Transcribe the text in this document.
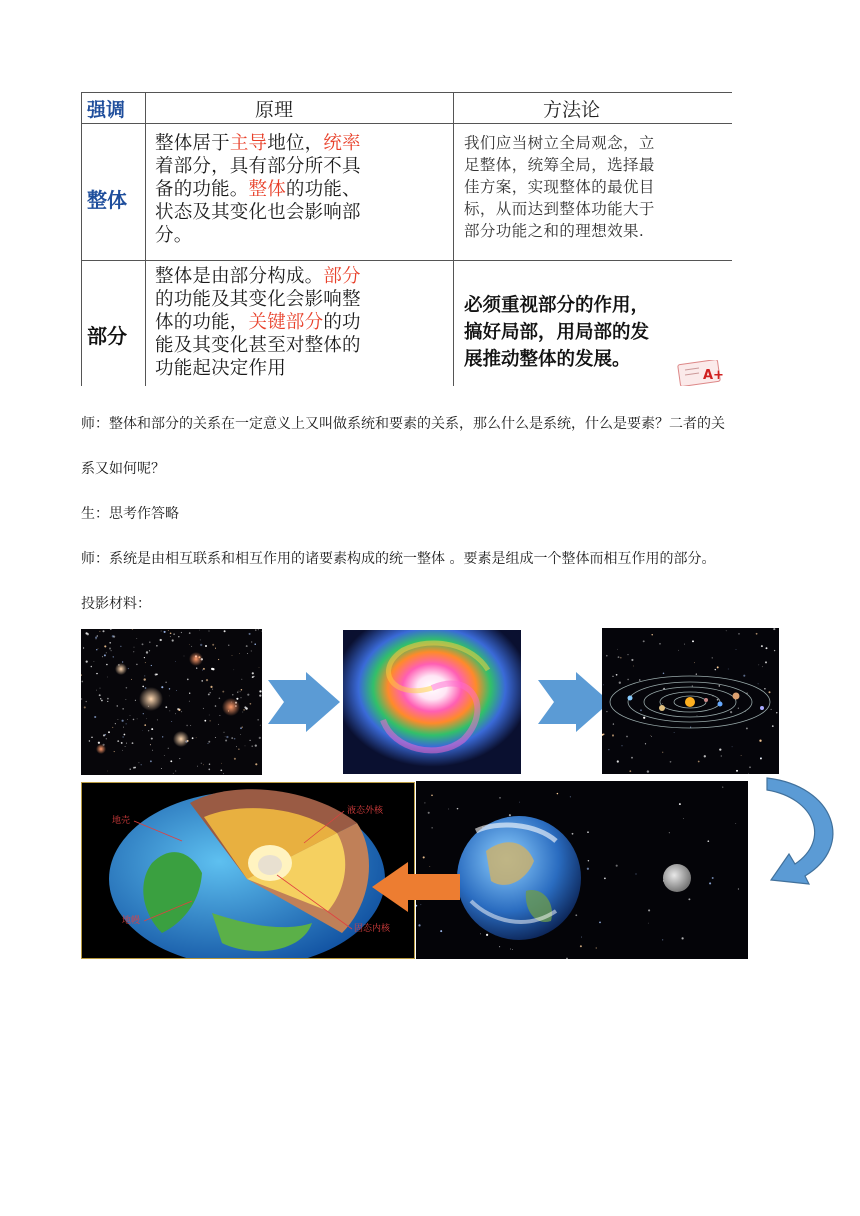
强调	原理	方法论
整体
整体居于主导地位，统率
着部分，具有部分所不具
备的功能。整体的功能、
状态及其变化也会影响部
分。
我们应当树立全局观念，立
足整体，统筹全局，选择最
佳方案，实现整体的最优目
标，从而达到整体功能大于
部分功能之和的理想效果.
部分
整体是由部分构成。部分
的功能及其变化会影响整
体的功能，关键部分的功
能及其变化甚至对整体的
功能起决定作用
必须重视部分的作用，
搞好局部，用局部的发
展推动整体的发展。
A+
师：整体和部分的关系在一定意义上又叫做系统和要素的关系，那么什么是系统，什么是要素？二者的关
系又如何呢？
生：思考作答略
师：系统是由相互联系和相互作用的诸要素构成的统一整体 。要素是组成一个整体而相互作用的部分。
投影材料：
地壳
液态外核
地幔
固态内核
